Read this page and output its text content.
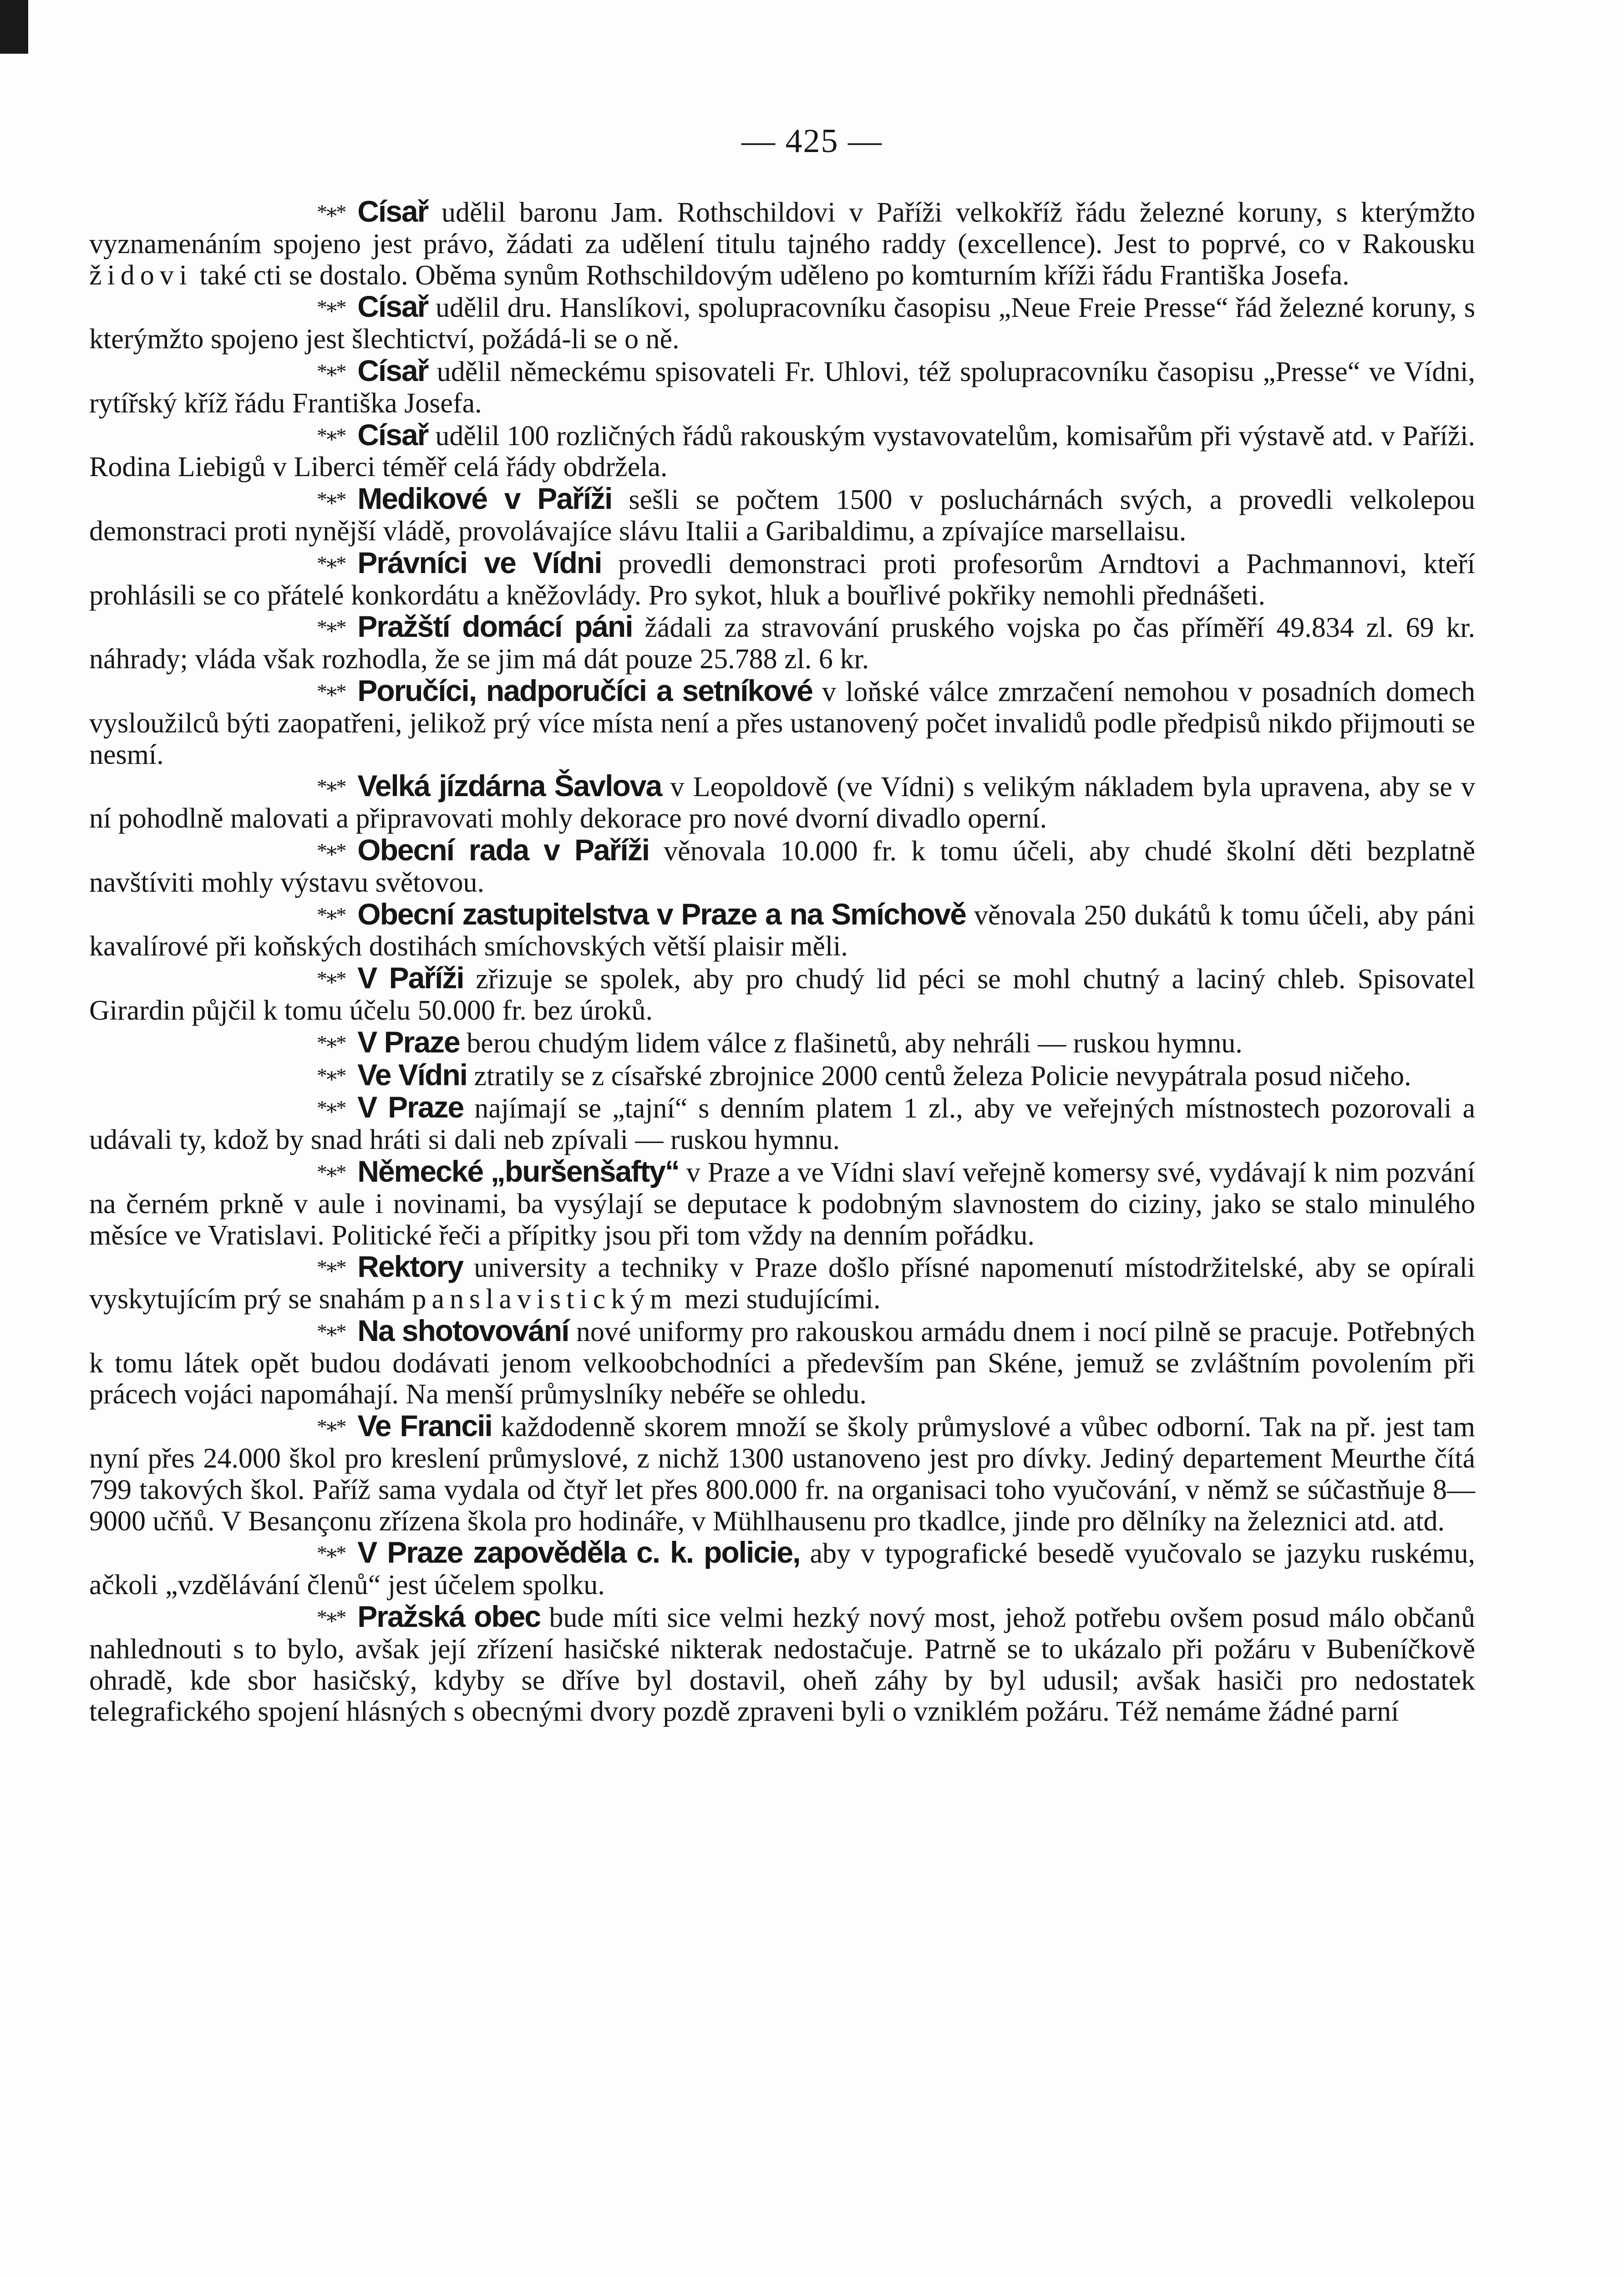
— 425 —

*∗* Císař udělil baronu Jam. Rothschildovi v Paříži velkokříž řádu železné koruny, s kterýmžto vyznamenáním spojeno jest právo, žádati za udělení titulu tajného raddy (excellence). Jest to poprvé, co v Rakousku židovi také cti se dostalo. Oběma synům Rothschildovým uděleno po komturním kříži řádu Františka Josefa.

*∗* Císař udělil dru. Hanslíkovi, spolupracovníku časopisu „Neue Freie Presse“ řád železné koruny, s kterýmžto spojeno jest šlechtictví, požádá-li se o ně.

*∗* Císař udělil německému spisovateli Fr. Uhlovi, též spolupracovníku časopisu „Presse“ ve Vídni, rytířský kříž řádu Františka Josefa.

*∗* Císař udělil 100 rozličných řádů rakouským vystavovatelům, komisařům při výstavě atd. v Paříži. Rodina Liebigů v Liberci téměř celá řády obdržela.

*∗* Medikové v Paříži sešli se počtem 1500 v posluchárnách svých, a provedli velkolepou demonstraci proti nynější vládě, provolávajíce slávu Italii a Garibaldimu, a zpívajíce marsellaisu.

*∗* Právníci ve Vídni provedli demonstraci proti profesorům Arndtovi a Pachmannovi, kteří prohlásili se co přátelé konkordátu a kněžovlády. Pro sykot, hluk a bouřlivé pokřiky nemohli přednášeti.

*∗* Pražští domácí páni žádali za stravování pruského vojska po čas příměří 49.834 zl. 69 kr. náhrady; vláda však rozhodla, že se jim má dát pouze 25.788 zl. 6 kr.

*∗* Poručíci, nadporučíci a setníkové v loňské válce zmrzačení nemohou v posadních domech vysloužilců býti zaopatřeni, jelikož prý více místa není a přes ustanovený počet invalidů podle předpisů nikdo přijmouti se nesmí.

*∗* Velká jízdárna Šavlova v Leopoldově (ve Vídni) s velikým nákladem byla upravena, aby se v ní pohodlně malovati a připravovati mohly dekorace pro nové dvorní divadlo operní.

*∗* Obecní rada v Paříži věnovala 10.000 fr. k tomu účeli, aby chudé školní děti bezplatně navštíviti mohly výstavu světovou.

*∗* Obecní zastupitelstva v Praze a na Smíchově věnovala 250 dukátů k tomu účeli, aby páni kavalírové při koňských dostihách smíchovských větší plaisir měli.

*∗* V Paříži zřizuje se spolek, aby pro chudý lid péci se mohl chutný a laciný chleb. Spisovatel Girardin půjčil k tomu účelu 50.000 fr. bez úroků.

*∗* V Praze berou chudým lidem válce z flašinetů, aby nehráli — ruskou hymnu.

*∗* Ve Vídni ztratily se z císařské zbrojnice 2000 centů železa Policie nevypátrala posud ničeho.

*∗* V Praze najímají se „tajní“ s denním platem 1 zl., aby ve veřejných místnostech pozorovali a udávali ty, kdož by snad hráti si dali neb zpívali — ruskou hymnu.

*∗* Německé „buršenšafty“ v Praze a ve Vídni slaví veřejně komersy své, vydávají k nim pozvání na černém prkně v aule i novinami, ba vysýlají se deputace k podobným slavnostem do ciziny, jako se stalo minulého měsíce ve Vratislavi. Politické řeči a přípitky jsou při tom vždy na denním pořádku.

*∗* Rektory university a techniky v Praze došlo přísné napomenutí místodržitelské, aby se opírali vyskytujícím prý se snahám panslavistickým mezi studujícími.

*∗* Na shotovování nové uniformy pro rakouskou armádu dnem i nocí pilně se pracuje. Potřebných k tomu látek opět budou dodávati jenom velkoobchodníci a především pan Skéne, jemuž se zvláštním povolením při prácech vojáci napomáhají. Na menší průmyslníky nebéře se ohledu.

*∗* Ve Francii každodenně skorem množí se školy průmyslové a vůbec odborní. Tak na př. jest tam nyní přes 24.000 škol pro kreslení průmyslové, z nichž 1300 ustanoveno jest pro dívky. Jediný departement Meurthe čítá 799 takových škol. Paříž sama vydala od čtyř let přes 800.000 fr. na organisaci toho vyučování, v němž se súčastňuje 8—9000 učňů. V Besançonu zřízena škola pro hodináře, v Mühlhausenu pro tkadlce, jinde pro dělníky na železnici atd. atd.

*∗* V Praze zapověděla c. k. policie, aby v typografické besedě vyučovalo se jazyku ruskému, ačkoli „vzdělávání členů“ jest účelem spolku.

*∗* Pražská obec bude míti sice velmi hezký nový most, jehož potřebu ovšem posud málo občanů nahlednouti s to bylo, avšak její zřízení hasičské nikterak nedostačuje. Patrně se to ukázalo při požáru v Bubeníčkově ohradě, kde sbor hasičský, kdyby se dříve byl dostavil, oheň záhy by byl udusil; avšak hasiči pro nedostatek telegrafického spojení hlásných s obecnými dvory pozdě zpraveni byli o vzniklém požáru. Též nemáme žádné parní
